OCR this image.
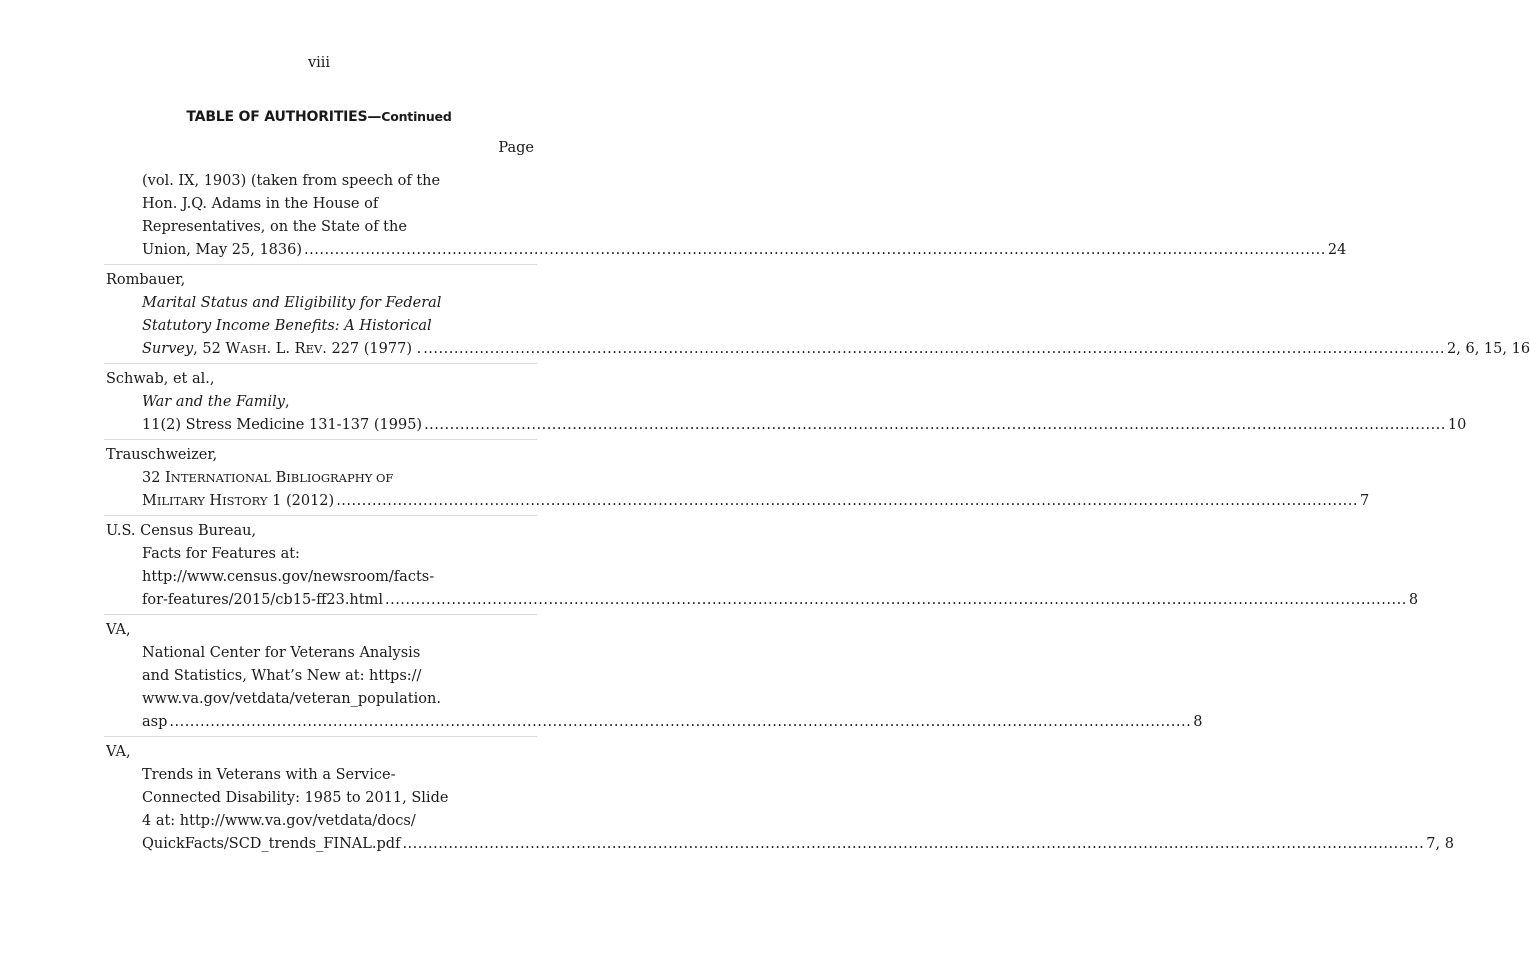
viii
TABLE OF AUTHORITIES—Continued
Page
(vol. IX, 1903) (taken from speech of the
Hon. J.Q. Adams in the House of
Representatives, on the State of the
Union, May 25, 1836) ........................................................................................................................................................................................................ 24
Rombauer,
Marital Status and Eligibility for Federal
Statutory Income Benefits: A Historical
Survey, 52 WASH. L. REV. 227 (1977) . ........................................................................................................................................................................................................ 2, 6, 15, 16
Schwab, et al.,
War and the Family,
11(2) Stress Medicine 131-137 (1995) ........................................................................................................................................................................................................ 10
Trauschweizer,
32 INTERNATIONAL BIBLIOGRAPHY OF
MILITARY HISTORY 1 (2012) ........................................................................................................................................................................................................ 7
U.S. Census Bureau,
Facts for Features at:
http://www.census.gov/newsroom/facts-
for-features/2015/cb15-ff23.html ........................................................................................................................................................................................................ 8
VA,
National Center for Veterans Analysis
and Statistics, What’s New at: https://
www.va.gov/vetdata/veteran_population.
asp ........................................................................................................................................................................................................ 8
VA,
Trends in Veterans with a Service-
Connected Disability: 1985 to 2011, Slide
4 at: http://www.va.gov/vetdata/docs/
QuickFacts/SCD_trends_FINAL.pdf ........................................................................................................................................................................................................ 7, 8
